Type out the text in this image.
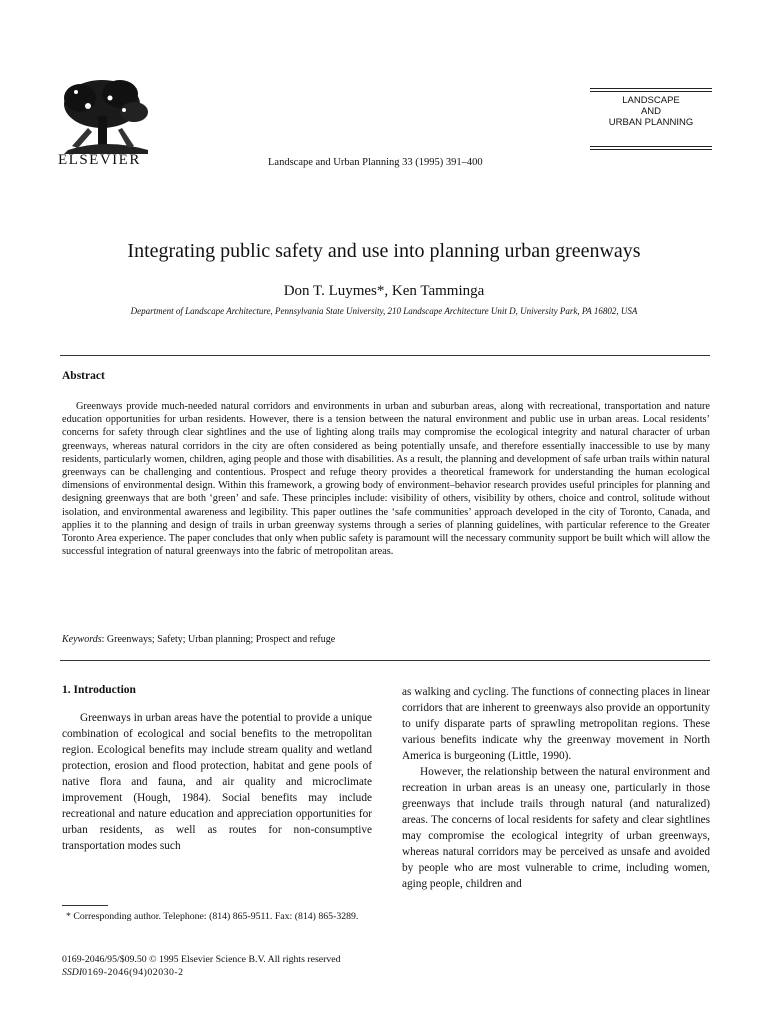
ELSEVIER	Landscape and Urban Planning 33 (1995) 391–400
LANDSCAPE
AND
URBAN PLANNING
Integrating public safety and use into planning urban greenways
Don T. Luymes*, Ken Tamminga
Department of Landscape Architecture, Pennsylvania State University, 210 Landscape Architecture Unit D, University Park, PA 16802, USA
Abstract

Greenways provide much-needed natural corridors and environments in urban and suburban areas, along with recreational, transportation and nature education opportunities for urban residents. However, there is a tension between the natural environment and public use in urban areas. Local residents’ concerns for safety through clear sightlines and the use of lighting along trails may compromise the ecological integrity and natural character of urban greenways, whereas natural corridors in the city are often considered as being potentially unsafe, and therefore essentially inaccessible to use by many residents, particularly women, children, aging people and those with disabilities. As a result, the planning and development of safe urban trails within natural greenways can be challenging and contentious. Prospect and refuge theory provides a theoretical framework for understanding the human ecological dimensions of environmental design. Within this framework, a growing body of environment–behavior research provides useful principles for planning and designing greenways that are both ‘green’ and safe. These principles include: visibility of others, visibility by others, choice and control, solitude without isolation, and environmental awareness and legibility. This paper outlines the ‘safe communities’ approach developed in the city of Toronto, Canada, and applies it to the planning and design of trails in urban greenway systems through a series of planning guidelines, with particular reference to the Greater Toronto Area experience. The paper concludes that only when public safety is paramount will the necessary community support be built which will allow the successful integration of natural greenways into the fabric of metropolitan areas.

Keywords: Greenways; Safety; Urban planning; Prospect and refuge
1. Introduction

Greenways in urban areas have the potential to provide a unique combination of ecological and social benefits to the metropolitan region. Ecological benefits may include stream quality and wetland protection, erosion and flood protection, habitat and gene pools of native flora and fauna, and air quality and microclimate improvement (Hough, 1984). Social benefits may include recreational and nature education and appreciation opportunities for urban residents, as well as routes for non-consumptive transportation modes such

as walking and cycling. The functions of connecting places in linear corridors that are inherent to greenways also provide an opportunity to unify disparate parts of sprawling metropolitan regions. These various benefits indicate why the greenway movement in North America is burgeoning (Little, 1990).

However, the relationship between the natural environment and recreation in urban areas is an uneasy one, particularly in those greenways that include trails through natural (and naturalized) areas. The concerns of local residents for safety and clear sightlines may compromise the ecological integrity of urban greenways, whereas natural corridors may be perceived as unsafe and avoided by people who are most vulnerable to crime, including women, aging people, children and

* Corresponding author. Telephone: (814) 865-9511. Fax: (814) 865-3289.

0169-2046/95/$09.50 © 1995 Elsevier Science B.V. All rights reserved
SSDI0169-2046(94)02030-2
